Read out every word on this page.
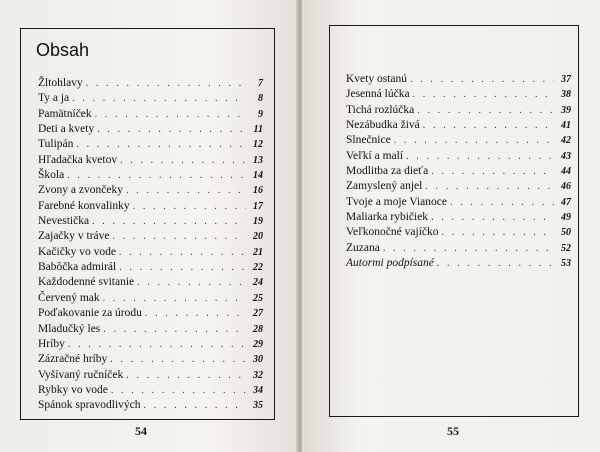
Obsah
Žltohlavy . . .	7
Ty a ja . . .	8
Pamätníček . . .	9
Deti a kvety . . .	11
Tulipán . . .	12
Hľadačka kvetov . . .	13
Škola . . .	14
Zvony a zvončeky . . .	16
Farebné konvalinky . . .	17
Nevestička . . .	19
Zajačky v tráve . . .	20
Kačičky vo vode . . .	21
Babôčka admirál . . .	22
Každodenné svitanie . . .	24
Červený mak . . .	25
Poďakovanie za úrodu . . .	27
Mladučký les . . .	28
Hríby . . .	29
Zázračné hríby . . .	30
Vyšívaný ručníček . . .	32
Rybky vo vode . . .	34
Spánok spravodlivých . . .	35
54
Kvety ostanú . . .	37
Jesenná lúčka . . .	38
Tichá rozlúčka . . .	39
Nezábudka živá . . .	41
Slnečnice . . .	42
Veľkí a malí . . .	43
Modlitba za dieťa . . .	44
Zamyslený anjel . . .	46
Tvoje a moje Vianoce . . .	47
Maliarka rybičiek . . .	49
Veľkonočné vajíčko . . .	50
Zuzana . . .	52
Autormi podpísané . . .	53
55
